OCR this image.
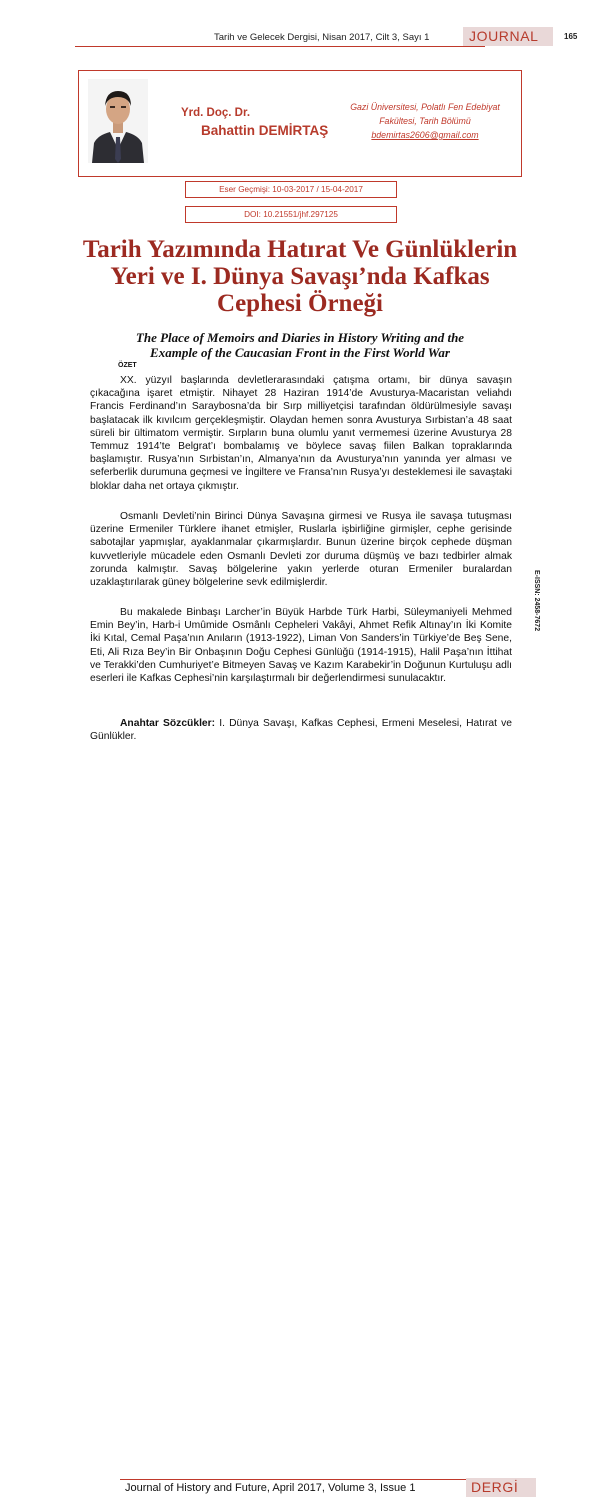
Tarih ve Gelecek Dergisi, Nisan 2017, Cilt 3, Sayı 1	JOURNAL	165
Yrd. Doç. Dr.
Bahattin DEMİRTAŞ
Gazi Üniversitesi, Polatlı Fen Edebiyat
Fakültesi, Tarih Bölümü
bdemirtas2606@gmail.com
Eser Geçmişi: 10-03-2017 / 15-04-2017
DOI: 10.21551/jhf.297125
Tarih Yazımında Hatırat Ve Günlüklerin
Yeri ve I. Dünya Savaşı’nda Kafkas
Cephesi Örneği
The Place of Memoirs and Diaries in History Writing and the
Example of the Caucasian Front in the First World War
ÖZET
XX. yüzyıl başlarında devletlerarasındaki çatışma ortamı, bir dünya savaşın çıkacağına işaret etmiştir. Nihayet 28 Haziran 1914’de Avusturya-Macaristan veliahdı Francis Ferdinand’ın Saraybosna’da bir Sırp milliyetçisi tarafından öldürülmesiyle savaşı başlatacak ilk kıvılcım gerçekleşmiştir. Olaydan hemen sonra Avusturya Sırbistan’a 48 saat süreli bir ültimatom vermiştir. Sırpların buna olumlu yanıt vermemesi üzerine Avusturya 28 Temmuz 1914’te Belgrat’ı bombalamış ve böylece savaş fiilen Balkan topraklarında başlamıştır. Rusya’nın Sırbistan’ın, Almanya’nın da Avusturya’nın yanında yer alması ve seferberlik durumuna geçmesi ve İngiltere ve Fransa’nın Rusya’yı desteklemesi ile savaştaki bloklar daha net ortaya çıkmıştır.
Osmanlı Devleti’nin Birinci Dünya Savaşına girmesi ve Rusya ile savaşa tutuşması üzerine Ermeniler Türklere ihanet etmişler, Ruslarla işbirliğine girmişler, cephe gerisinde sabotajlar yapmışlar, ayaklanmalar çıkarmışlardır. Bunun üzerine birçok cephede düşman kuvvetleriyle mücadele eden Osmanlı Devleti zor duruma düşmüş ve bazı tedbirler almak zorunda kalmıştır. Savaş bölgelerine yakın yerlerde oturan Ermeniler buralardan uzaklaştırılarak güney bölgelerine sevk edilmişlerdir.
Bu makalede Binbaşı Larcher’in Büyük Harbde Türk Harbi, Süleymaniyeli Mehmed Emin Bey’in, Harb-i Umûmide Osmânlı Cepheleri Vakâyi, Ahmet Refik Altınay’ın İki Komite İki Kıtal, Cemal Paşa’nın Anıların (1913-1922), Liman Von Sanders’in Türkiye’de Beş Sene, Eti, Ali Rıza Bey’in Bir Onbaşının Doğu Cephesi Günlüğü (1914-1915), Halil Paşa’nın İttihat ve Terakki’den Cumhuriyet’e Bitmeyen Savaş ve Kazım Karabekir’in Doğunun Kurtuluşu adlı eserleri ile Kafkas Cephesi’nin karşılaştırmalı bir değerlendirmesi sunulacaktır.
Anahtar Sözcükler: I. Dünya Savaşı, Kafkas Cephesi, Ermeni Meselesi, Hatırat ve Günlükler.
E-ISSN: 2458-7672
Journal of History and Future, April 2017, Volume 3, Issue 1	DERGİ
